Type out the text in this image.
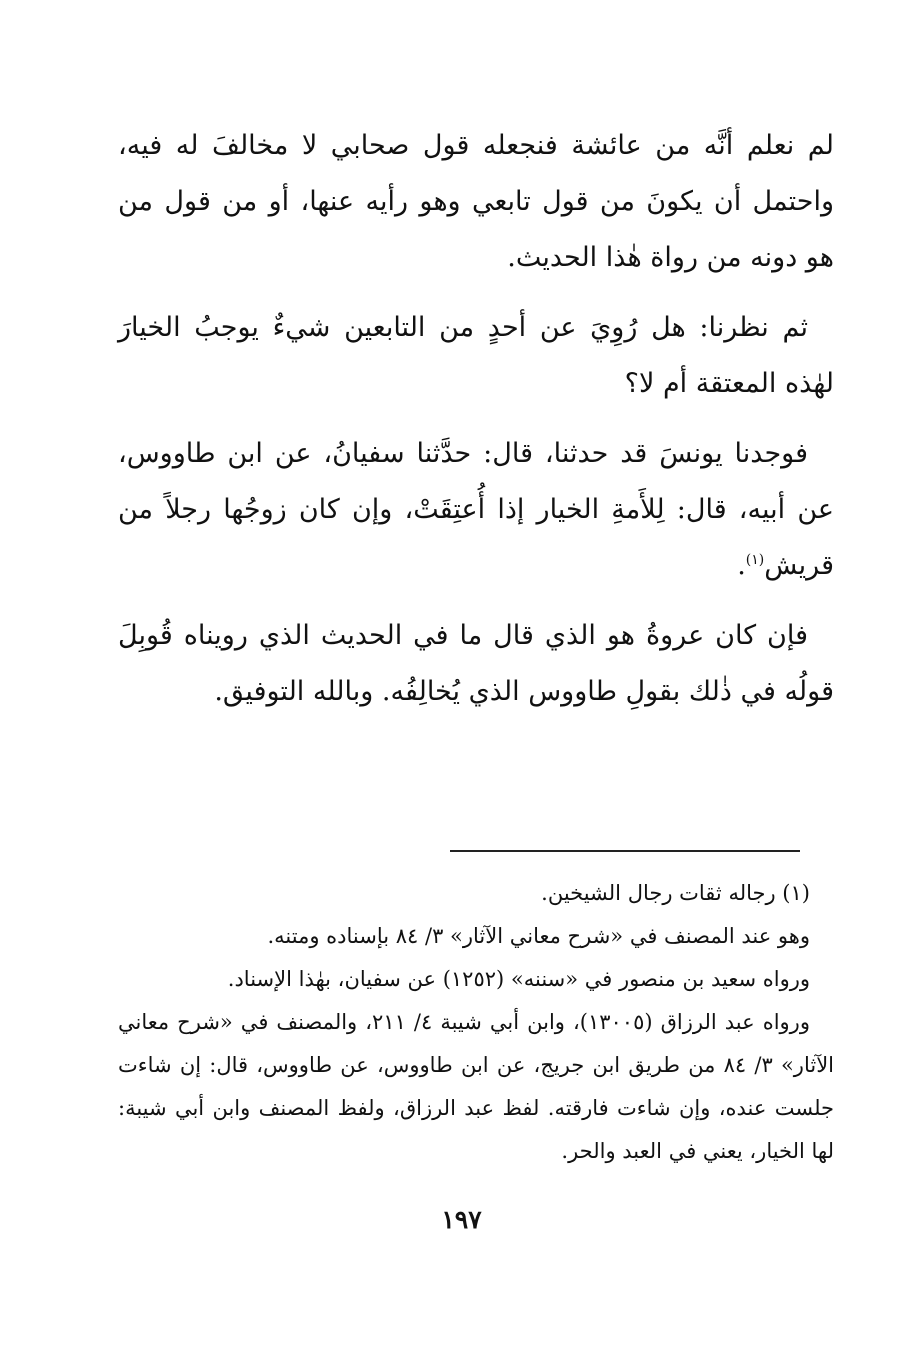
لم نعلم أنَّه من عائشة فنجعله قول صحابي لا مخالفَ له فيه، واحتمل أن يكونَ من قول تابعي وهو رأيه عنها، أو من قول من هو دونه من رواة هٰذا الحديث.

ثم نظرنا: هل رُوِيَ عن أحدٍ من التابعين شيءٌ يوجبُ الخيارَ لهٰذه المعتقة أم لا؟

فوجدنا يونسَ قد حدثنا، قال: حدَّثنا سفيانُ، عن ابن طاووس، عن أبيه، قال: لِلأَمةِ الخيار إذا أُعتِقَتْ، وإن كان زوجُها رجلاً من قريش$^{(١)}$.

فإن كان عروةُ هو الذي قال ما في الحديث الذي رويناه قُوبِلَ قولُه في ذٰلك بقولِ طاووس الذي يُخالِفُه. وبالله التوفيق.

(١) رجاله ثقات رجال الشيخين.

وهو عند المصنف في «شرح معاني الآثار» ٣/ ٨٤ بإسناده ومتنه.

ورواه سعيد بن منصور في «سننه» (١٢٥٢) عن سفيان، بهٰذا الإسناد.

ورواه عبد الرزاق (١٣٠٠٥)، وابن أبي شيبة ٤/ ٢١١، والمصنف في «شرح معاني الآثار» ٣/ ٨٤ من طريق ابن جريج، عن ابن طاووس، عن طاووس، قال: إن شاءت جلست عنده، وإن شاءت فارقته. لفظ عبد الرزاق، ولفظ المصنف وابن أبي شيبة: لها الخيار، يعني في العبد والحر.

١٩٧
